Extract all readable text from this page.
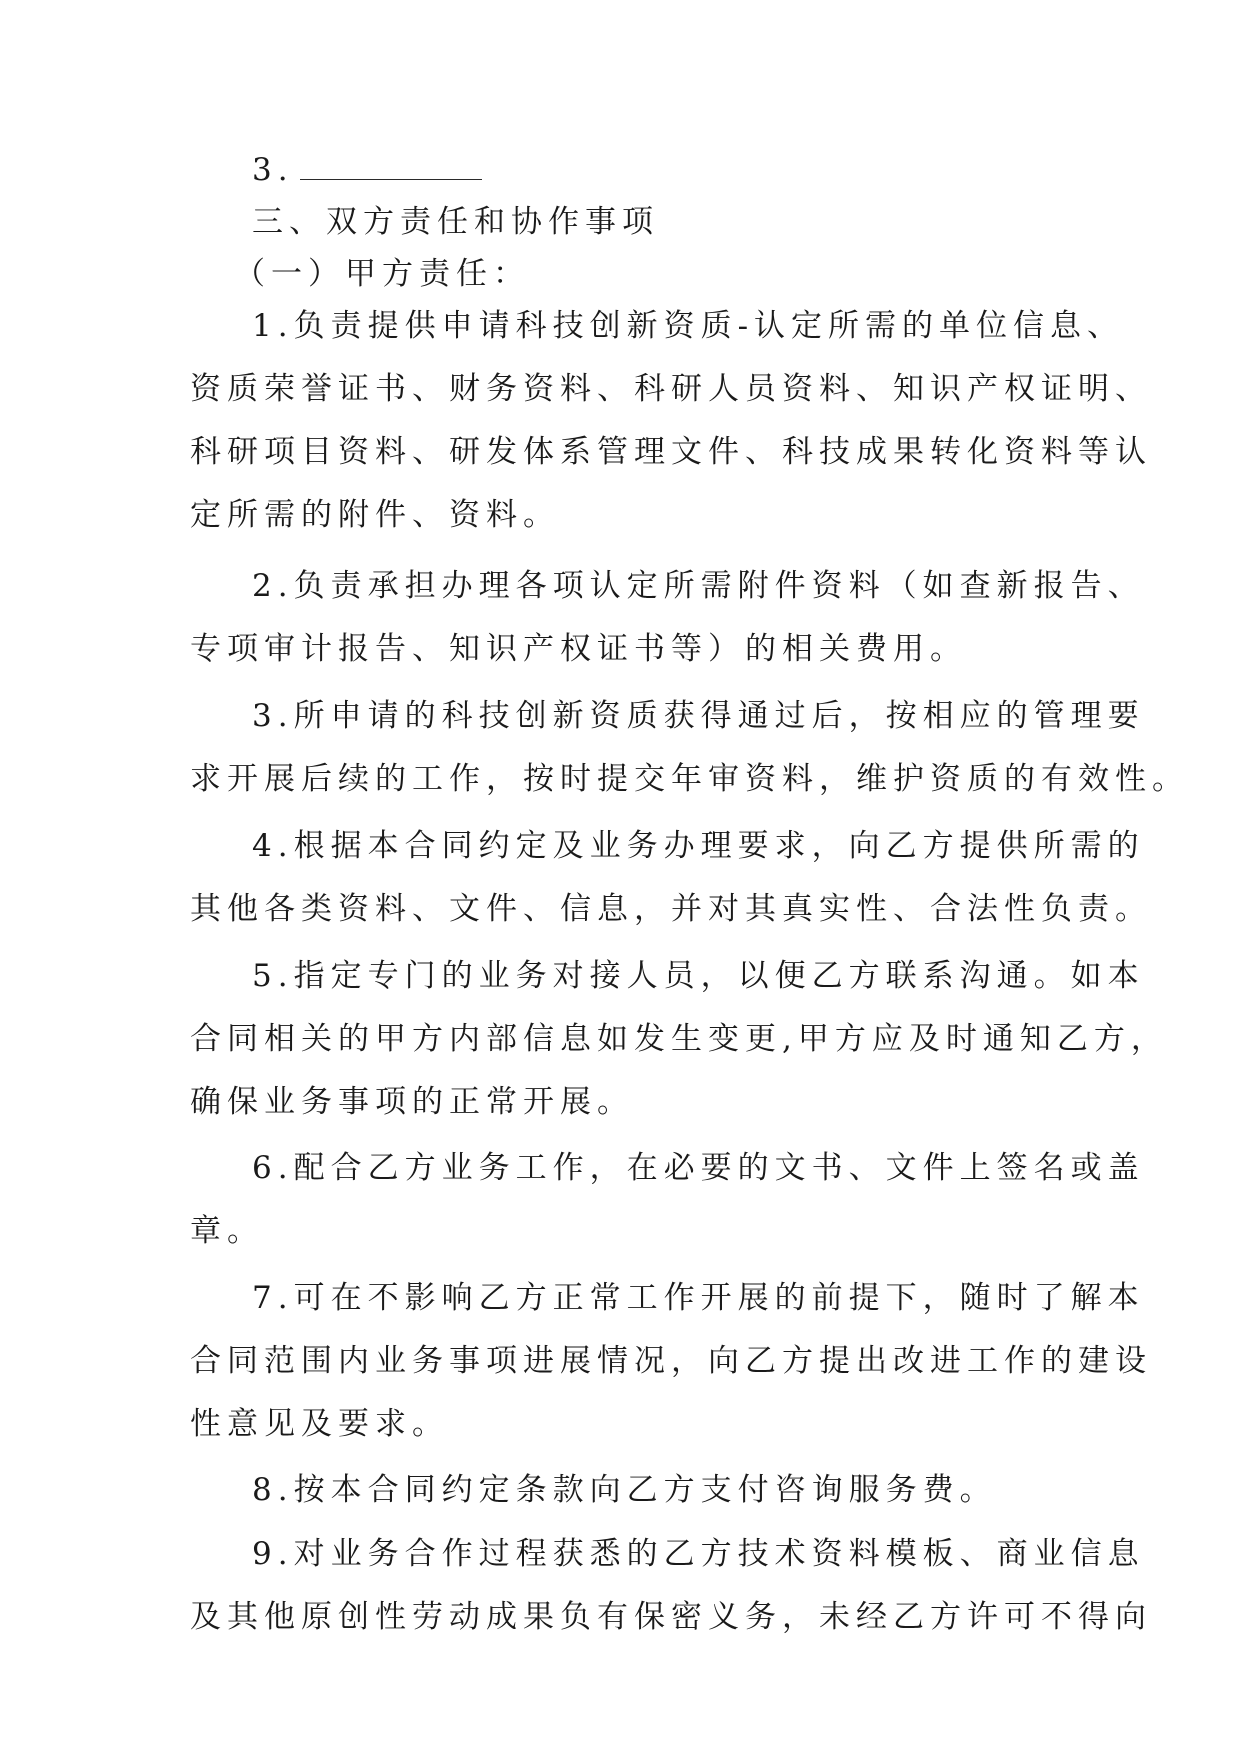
3.
三、双方责任和协作事项
（一）甲方责任：
1.负责提供申请科技创新资质-认定所需的单位信息、
资质荣誉证书、财务资料、科研人员资料、知识产权证明、
科研项目资料、研发体系管理文件、科技成果转化资料等认
定所需的附件、资料。
2.负责承担办理各项认定所需附件资料（如查新报告、
专项审计报告、知识产权证书等）的相关费用。
3.所申请的科技创新资质获得通过后，按相应的管理要
求开展后续的工作，按时提交年审资料，维护资质的有效性。
4.根据本合同约定及业务办理要求，向乙方提供所需的
其他各类资料、文件、信息，并对其真实性、合法性负责。
5.指定专门的业务对接人员，以便乙方联系沟通。如本
合同相关的甲方内部信息如发生变更,甲方应及时通知乙方，
确保业务事项的正常开展。
6.配合乙方业务工作，在必要的文书、文件上签名或盖
章。
7.可在不影响乙方正常工作开展的前提下，随时了解本
合同范围内业务事项进展情况，向乙方提出改进工作的建设
性意见及要求。
8.按本合同约定条款向乙方支付咨询服务费。
9.对业务合作过程获悉的乙方技术资料模板、商业信息
及其他原创性劳动成果负有保密义务，未经乙方许可不得向
